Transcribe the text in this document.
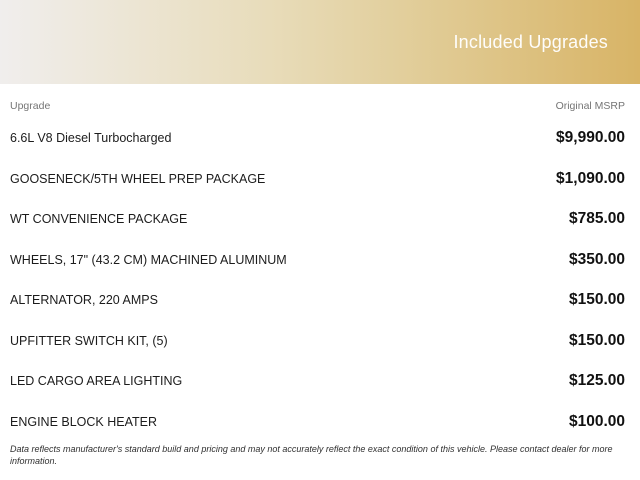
Included Upgrades
Upgrade	Original MSRP
6.6L V8 Diesel Turbocharged	$9,990.00
GOOSENECK/5TH WHEEL PREP PACKAGE	$1,090.00
WT CONVENIENCE PACKAGE	$785.00
WHEELS, 17" (43.2 CM) MACHINED ALUMINUM	$350.00
ALTERNATOR, 220 AMPS	$150.00
UPFITTER SWITCH KIT, (5)	$150.00
LED CARGO AREA LIGHTING	$125.00
ENGINE BLOCK HEATER	$100.00
Data reflects manufacturer's standard build and pricing and may not accurately reflect the exact condition of this vehicle. Please contact dealer for more information.
